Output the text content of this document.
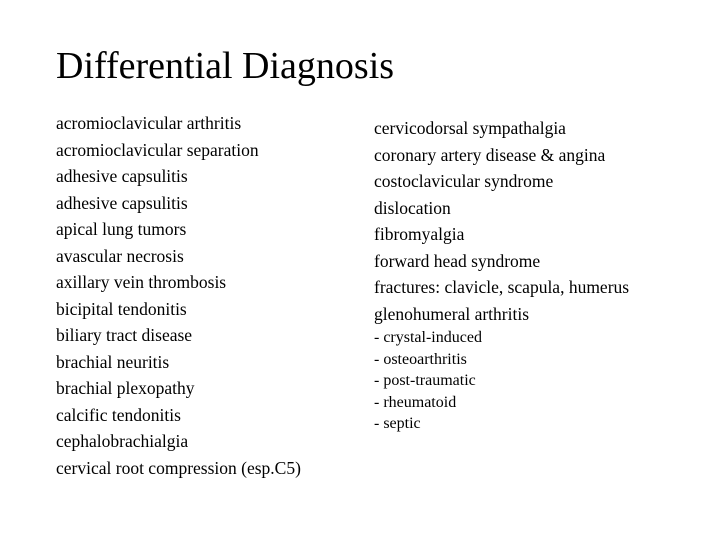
Differential Diagnosis
acromioclavicular arthritis
acromioclavicular separation
adhesive capsulitis
adhesive capsulitis
apical lung tumors
avascular necrosis
axillary vein thrombosis
bicipital tendonitis
biliary tract disease
brachial neuritis
brachial plexopathy
calcific tendonitis
cephalobrachialgia
cervical root compression (esp.C5)
cervicodorsal sympathalgia
coronary artery disease & angina
costoclavicular syndrome
dislocation
fibromyalgia
forward head syndrome
fractures: clavicle, scapula, humerus
glenohumeral arthritis
- crystal-induced
- osteoarthritis
- post-traumatic
- rheumatoid
- septic
